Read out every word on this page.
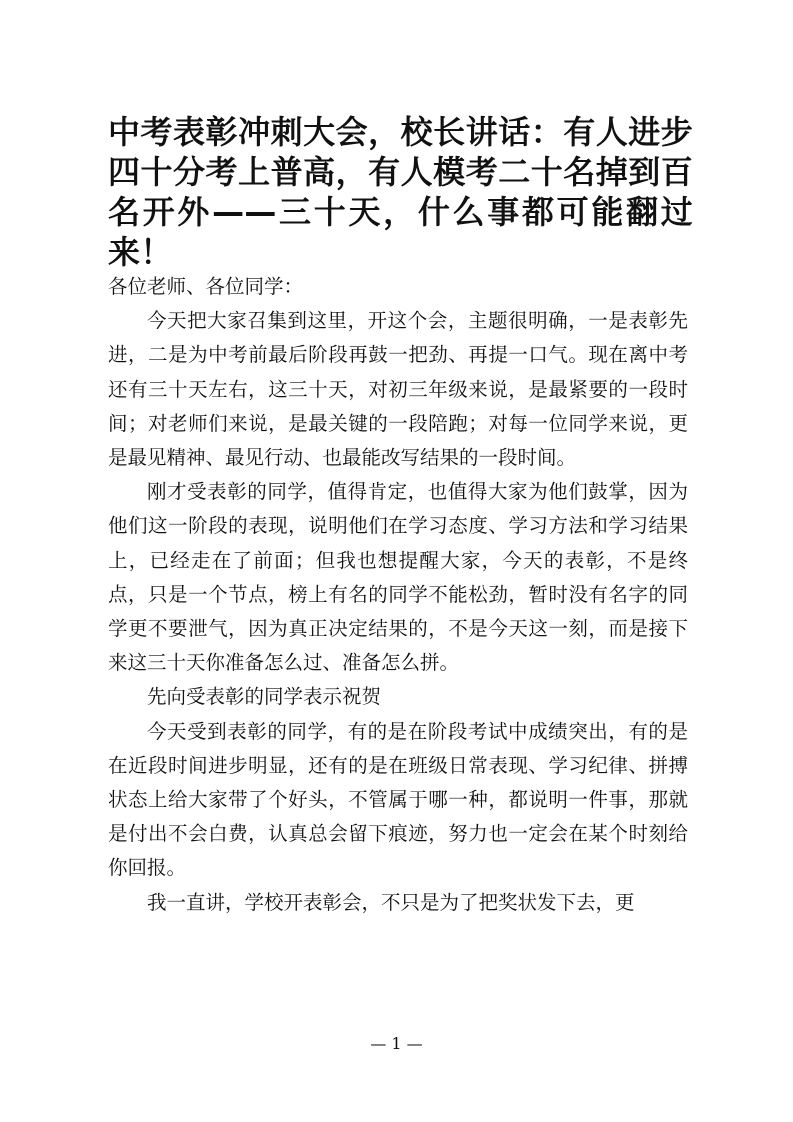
中考表彰冲刺大会，校长讲话：有人进步四十分考上普高，有人模考二十名掉到百名开外——三十天，什么事都可能翻过来！

各位老师、各位同学：

今天把大家召集到这里，开这个会，主题很明确，一是表彰先进，二是为中考前最后阶段再鼓一把劲、再提一口气。现在离中考还有三十天左右，这三十天，对初三年级来说，是最紧要的一段时间；对老师们来说，是最关键的一段陪跑；对每一位同学来说，更是最见精神、最见行动、也最能改写结果的一段时间。

刚才受表彰的同学，值得肯定，也值得大家为他们鼓掌，因为他们这一阶段的表现，说明他们在学习态度、学习方法和学习结果上，已经走在了前面；但我也想提醒大家，今天的表彰，不是终点，只是一个节点，榜上有名的同学不能松劲，暂时没有名字的同学更不要泄气，因为真正决定结果的，不是今天这一刻，而是接下来这三十天你准备怎么过、准备怎么拼。

先向受表彰的同学表示祝贺

今天受到表彰的同学，有的是在阶段考试中成绩突出，有的是在近段时间进步明显，还有的是在班级日常表现、学习纪律、拼搏状态上给大家带了个好头，不管属于哪一种，都说明一件事，那就是付出不会白费，认真总会留下痕迹，努力也一定会在某个时刻给你回报。

我一直讲，学校开表彰会，不只是为了把奖状发下去，更

— 1 —
